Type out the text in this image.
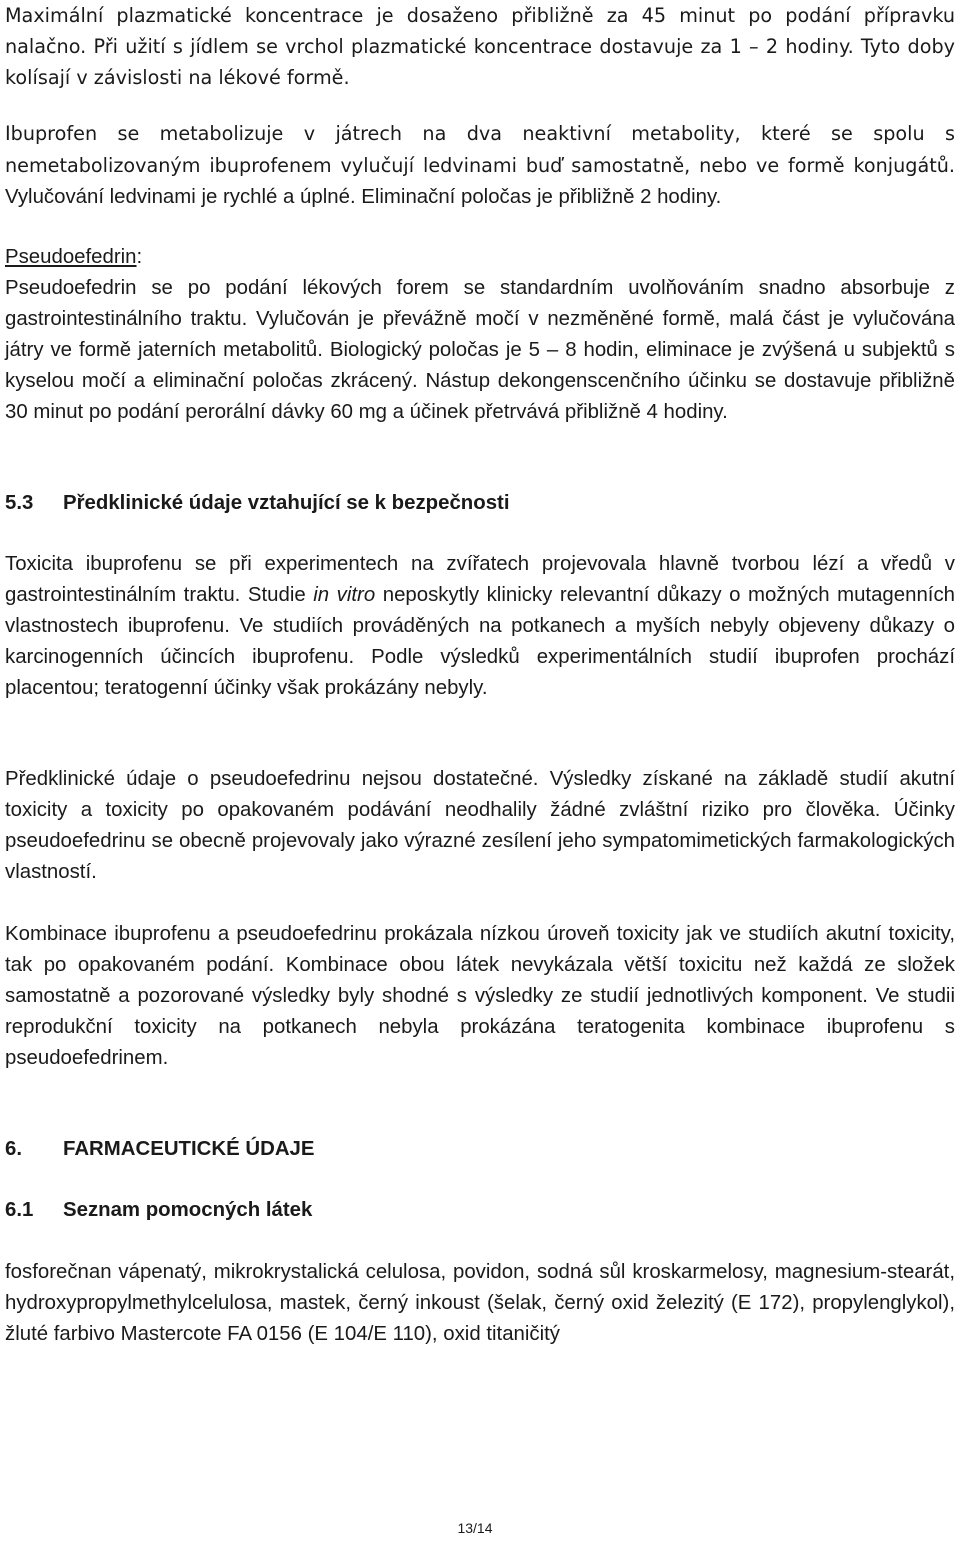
Maximální plazmatické koncentrace je dosaženo přibližně za 45 minut po podání přípravku nalačno. Při užití s jídlem se vrchol plazmatické koncentrace dostavuje za 1 – 2 hodiny. Tyto doby kolísají v závislosti na lékové formě.

Ibuprofen se metabolizuje v játrech na dva neaktivní metabolity, které se spolu s nemetabolizovaným ibuprofenem vylučují ledvinami buď samostatně, nebo ve formě konjugátů. Vylučování ledvinami je rychlé a úplné. Eliminační poločas je přibližně 2 hodiny.

Pseudoefedrin:

Pseudoefedrin se po podání lékových forem se standardním uvolňováním snadno absorbuje z gastrointestinálního traktu. Vylučován je převážně močí v nezměněné formě, malá část je vylučována játry ve formě jaterních metabolitů. Biologický poločas je 5 – 8 hodin, eliminace je zvýšená u subjektů s kyselou močí a eliminační poločas zkrácený. Nástup dekongenscenčního účinku se dostavuje přibližně 30 minut po podání perorální dávky 60 mg a účinek přetrvává přibližně 4 hodiny.

5.3 Předklinické údaje vztahující se k bezpečnosti

Toxicita ibuprofenu se při experimentech na zvířatech projevovala hlavně tvorbou lézí a vředů v gastrointestinálním traktu. Studie in vitro neposkytly klinicky relevantní důkazy o možných mutagenních vlastnostech ibuprofenu. Ve studiích prováděných na potkanech a myších nebyly objeveny důkazy o karcinogenních účincích ibuprofenu. Podle výsledků experimentálních studií ibuprofen prochází placentou; teratogenní účinky však prokázány nebyly.

Předklinické údaje o pseudoefedrinu nejsou dostatečné. Výsledky získané na základě studií akutní toxicity a toxicity po opakovaném podávání neodhalily žádné zvláštní riziko pro člověka. Účinky pseudoefedrinu se obecně projevovaly jako výrazné zesílení jeho sympatomimetických farmakologických vlastností.

Kombinace ibuprofenu a pseudoefedrinu prokázala nízkou úroveň toxicity jak ve studiích akutní toxicity, tak po opakovaném podání. Kombinace obou látek nevykázala větší toxicitu než každá ze složek samostatně a pozorované výsledky byly shodné s výsledky ze studií jednotlivých komponent. Ve studii reprodukční toxicity na potkanech nebyla prokázána teratogenita kombinace ibuprofenu s pseudoefedrinem.

6. FARMACEUTICKÉ ÚDAJE
6.1 Seznam pomocných látek

fosforečnan vápenatý, mikrokrystalická celulosa, povidon, sodná sůl kroskarmelosy, magnesium-stearát, hydroxypropylmethylcelulosa, mastek, černý inkoust (šelak, černý oxid železitý (E 172), propylenglykol), žluté farbivo Mastercote FA 0156 (E 104/E 110), oxid titaničitý

13/14
